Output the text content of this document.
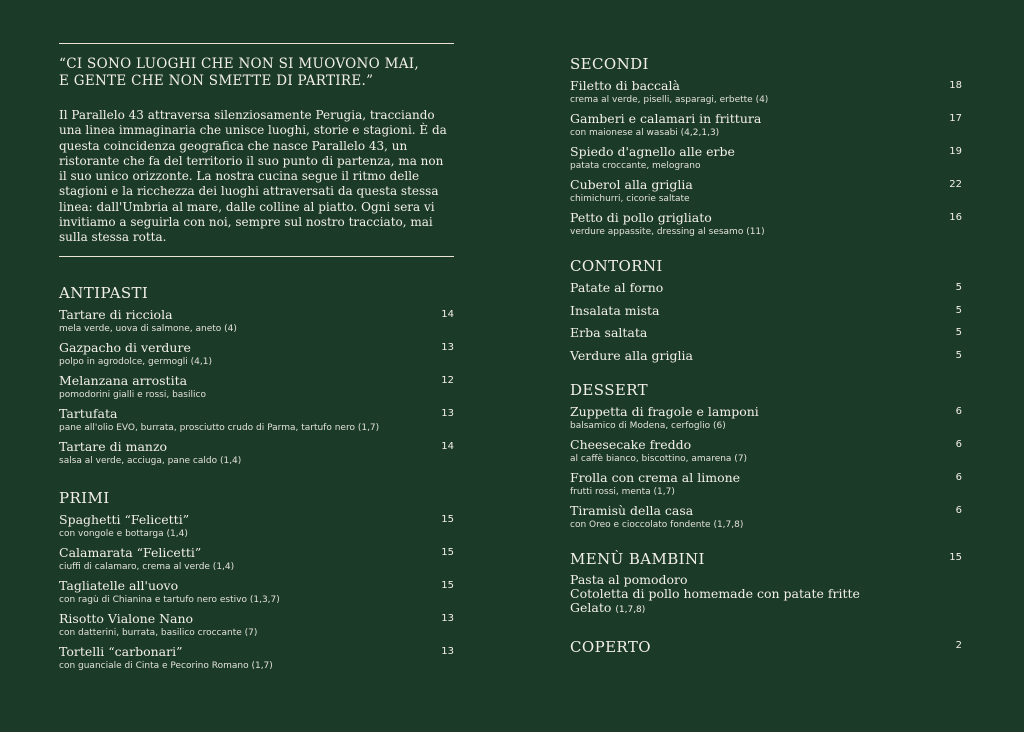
“CI SONO LUOGHI CHE NON SI MUOVONO MAI,
E GENTE CHE NON SMETTE DI PARTIRE.”
Il Parallelo 43 attraversa silenziosamente Perugia, tracciando una linea immaginaria che unisce luoghi, storie e stagioni. È da questa coincidenza geografica che nasce Parallelo 43, un ristorante che fa del territorio il suo punto di partenza, ma non il suo unico orizzonte. La nostra cucina segue il ritmo delle stagioni e la ricchezza dei luoghi attraversati da questa stessa linea: dall'Umbria al mare, dalle colline al piatto. Ogni sera vi invitiamo a seguirla con noi, sempre sul nostro tracciato, mai sulla stessa rotta.
ANTIPASTI
Tartare di ricciola
mela verde, uova di salmone, aneto (4)
14
Gazpacho di verdure
polpo in agrodolce, germogli (4,1)
13
Melanzana arrostita
pomodorini gialli e rossi, basilico
12
Tartufata
pane all'olio EVO, burrata, prosciutto crudo di Parma, tartufo nero (1,7)
13
Tartare di manzo
salsa al verde, acciuga, pane caldo (1,4)
14
PRIMI
Spaghetti “Felicetti”
con vongole e bottarga (1,4)
15
Calamarata “Felicetti”
ciuffi di calamaro, crema al verde (1,4)
15
Tagliatelle all'uovo
con ragù di Chianina e tartufo nero estivo (1,3,7)
15
Risotto Vialone Nano
con datterini, burrata, basilico croccante (7)
13
Tortelli “carbonari”
con guanciale di Cinta e Pecorino Romano (1,7)
13
SECONDI
Filetto di baccalà
crema al verde, piselli, asparagi, erbette (4)
18
Gamberi e calamari in frittura
con maionese al wasabi (4,2,1,3)
17
Spiedo d'agnello alle erbe
patata croccante, melograno
19
Cuberol alla griglia
chimichurri, cicorie saltate
22
Petto di pollo grigliato
verdure appassite, dressing al sesamo (11)
16
CONTORNI
Patate al forno	5
Insalata mista	5
Erba saltata	5
Verdure alla griglia	5
DESSERT
Zuppetta di fragole e lamponi
balsamico di Modena, cerfoglio (6)
6
Cheesecake freddo
al caffè bianco, biscottino, amarena (7)
6
Frolla con crema al limone
frutti rossi, menta (1,7)
6
Tiramisù della casa
con Oreo e cioccolato fondente (1,7,8)
6
MENÙ BAMBINI	15
Pasta al pomodoro
Cotoletta di pollo homemade con patate fritte
Gelato (1,7,8)
COPERTO	2
